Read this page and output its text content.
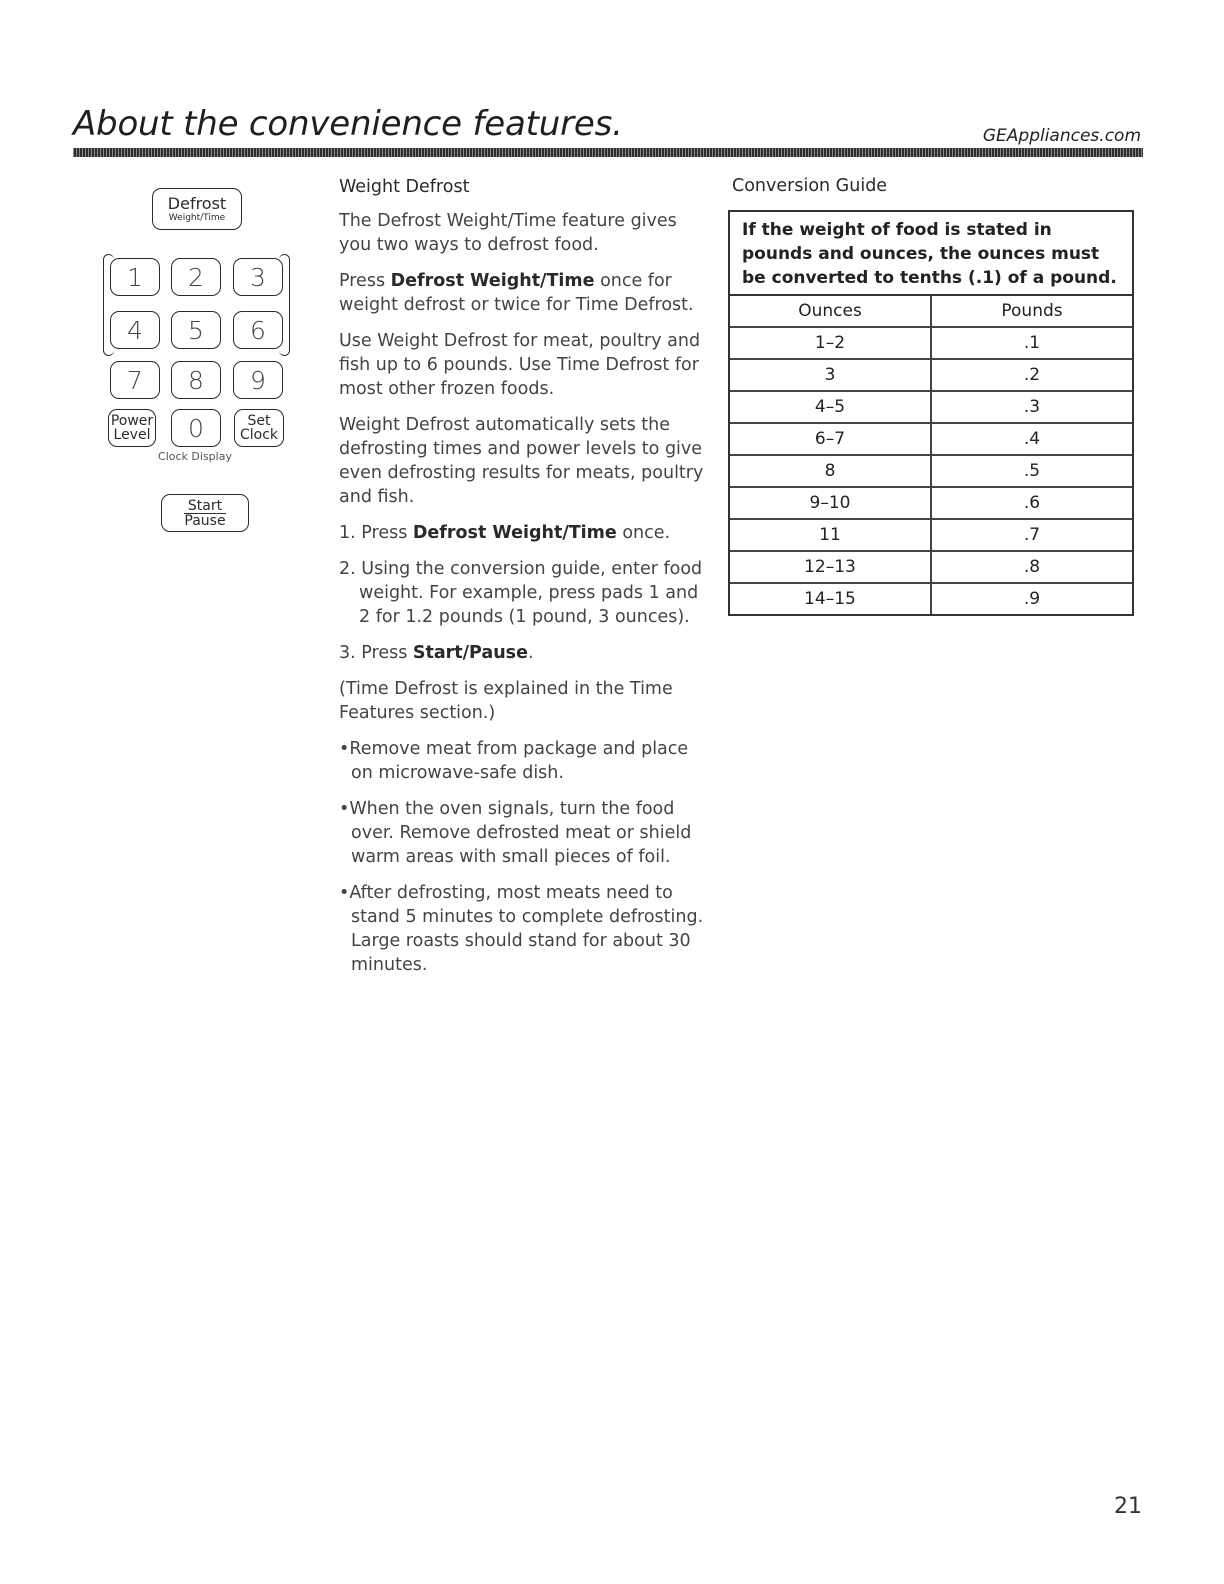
About the convenience features.	GEAppliances.com
Defrost
Weight/Time
1	2	3
4	5	6
7	8	9
Power
Level	0	Set
Clock
Clock Display
Start
Pause

Weight Defrost

The Defrost Weight/Time feature gives you two ways to defrost food.

Press Defrost Weight/Time once for weight defrost or twice for Time Defrost.

Use Weight Defrost for meat, poultry and fish up to 6 pounds. Use Time Defrost for most other frozen foods.

Weight Defrost automatically sets the defrosting times and power levels to give even defrosting results for meats, poultry and fish.

1. Press Defrost Weight/Time once.

2. Using the conversion guide, enter food weight. For example, press pads 1 and 2 for 1.2 pounds (1 pound, 3 ounces).

3. Press Start/Pause.

(Time Defrost is explained in the Time Features section.)

•Remove meat from package and place on microwave-safe dish.

•When the oven signals, turn the food over. Remove defrosted meat or shield warm areas with small pieces of foil.

•After defrosting, most meats need to stand 5 minutes to complete defrosting. Large roasts should stand for about 30 minutes.

Conversion Guide
If the weight of food is stated in pounds and ounces, the ounces must be converted to tenths (.1) of a pound.
Ounces	Pounds
1–2	.1
3	.2
4–5	.3
6–7	.4
8	.5
9–10	.6
11	.7
12–13	.8
14–15	.9
21
